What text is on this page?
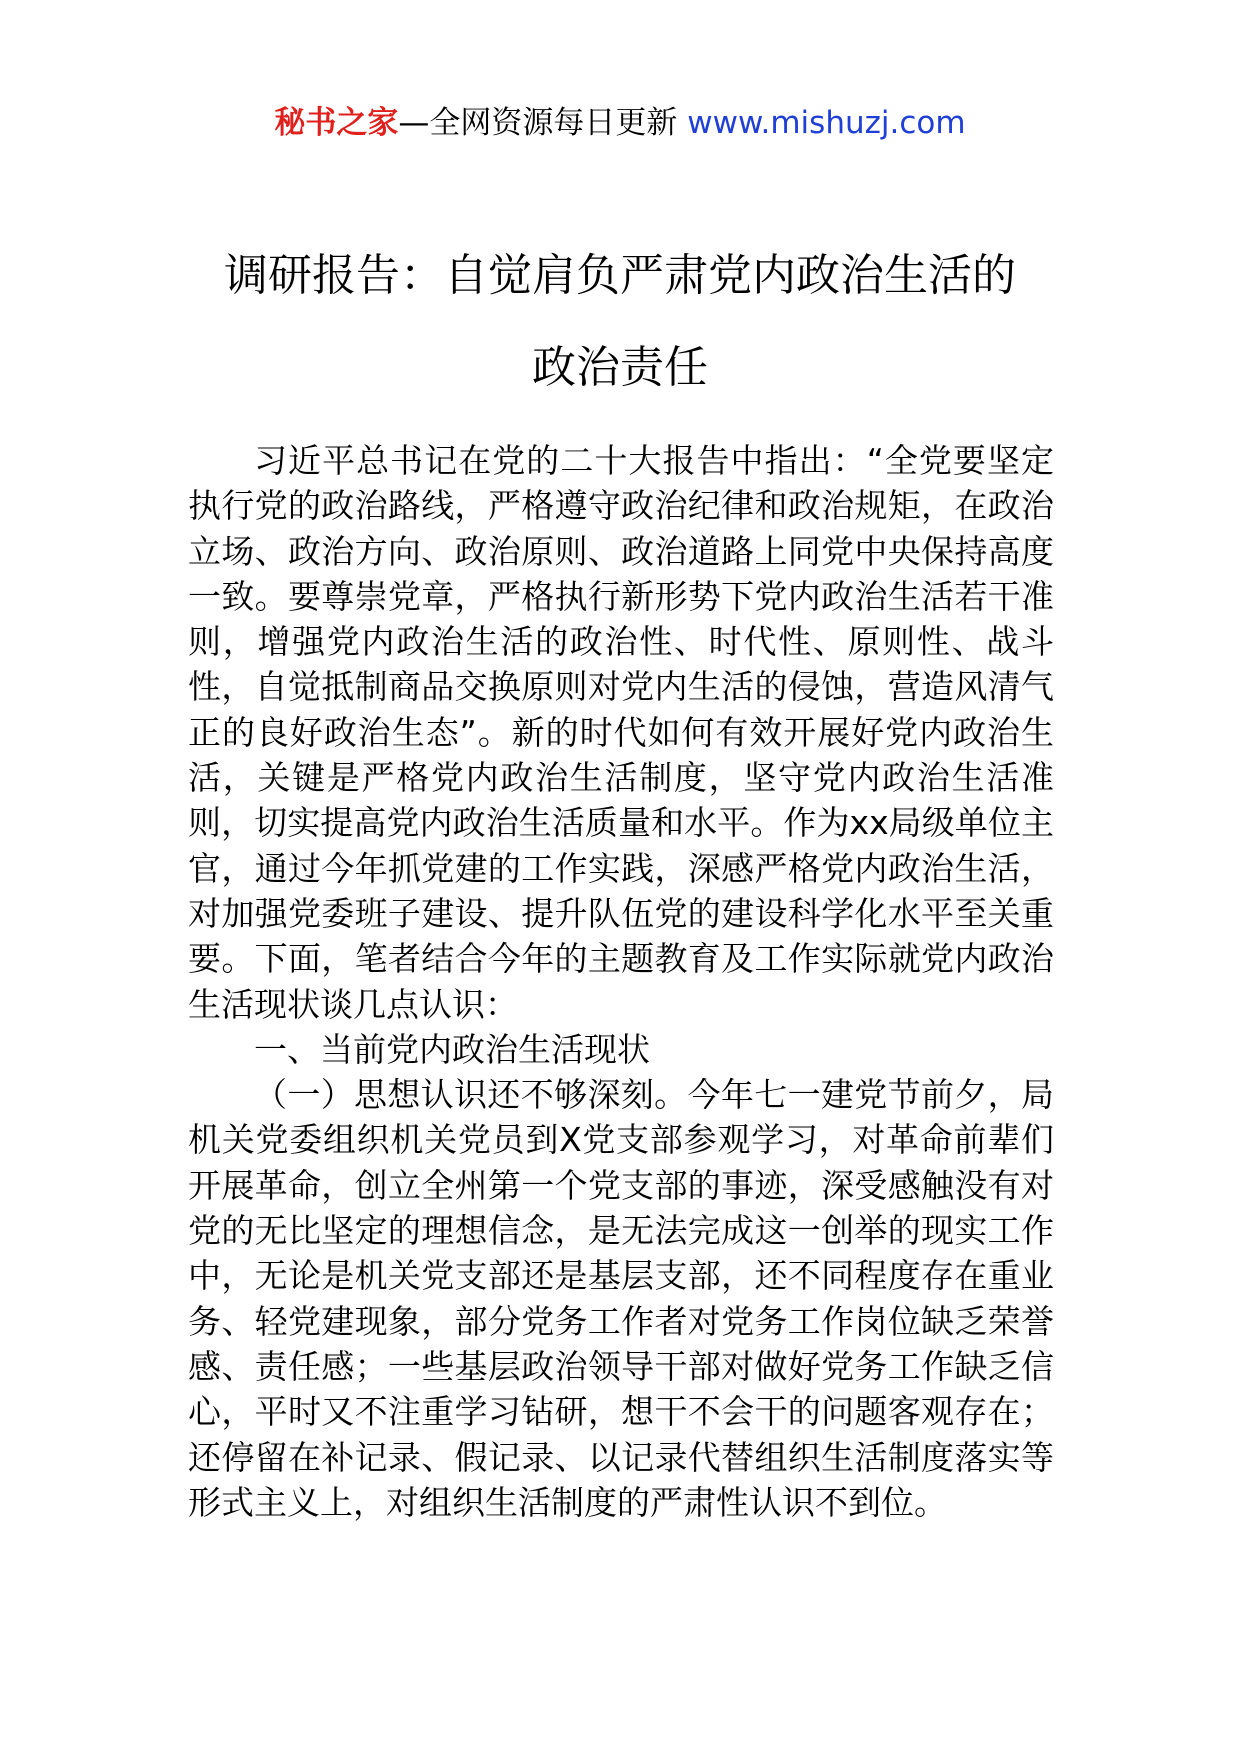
秘书之家—全网资源每日更新 www.mishuzj.com
调研报告：自觉肩负严肃党内政治生活的
政治责任

习近平总书记在党的二十大报告中指出：“全党要坚定执行党的政治路线，严格遵守政治纪律和政治规矩，在政治立场、政治方向、政治原则、政治道路上同党中央保持高度一致。要尊崇党章，严格执行新形势下党内政治生活若干准则，增强党内政治生活的政治性、时代性、原则性、战斗性，自觉抵制商品交换原则对党内生活的侵蚀，营造风清气正的良好政治生态”。新的时代如何有效开展好党内政治生活，关键是严格党内政治生活制度，坚守党内政治生活准则，切实提高党内政治生活质量和水平。作为xx局级单位主官，通过今年抓党建的工作实践，深感严格党内政治生活，对加强党委班子建设、提升队伍党的建设科学化水平至关重要。下面，笔者结合今年的主题教育及工作实际就党内政治生活现状谈几点认识：

一、当前党内政治生活现状

（一）思想认识还不够深刻。今年七一建党节前夕，局机关党委组织机关党员到X党支部参观学习，对革命前辈们开展革命，创立全州第一个党支部的事迹，深受感触没有对党的无比坚定的理想信念，是无法完成这一创举的现实工作中，无论是机关党支部还是基层支部，还不同程度存在重业务、轻党建现象，部分党务工作者对党务工作岗位缺乏荣誉感、责任感；一些基层政治领导干部对做好党务工作缺乏信心，平时又不注重学习钻研，想干不会干的问题客观存在；还停留在补记录、假记录、以记录代替组织生活制度落实等形式主义上，对组织生活制度的严肃性认识不到位。
